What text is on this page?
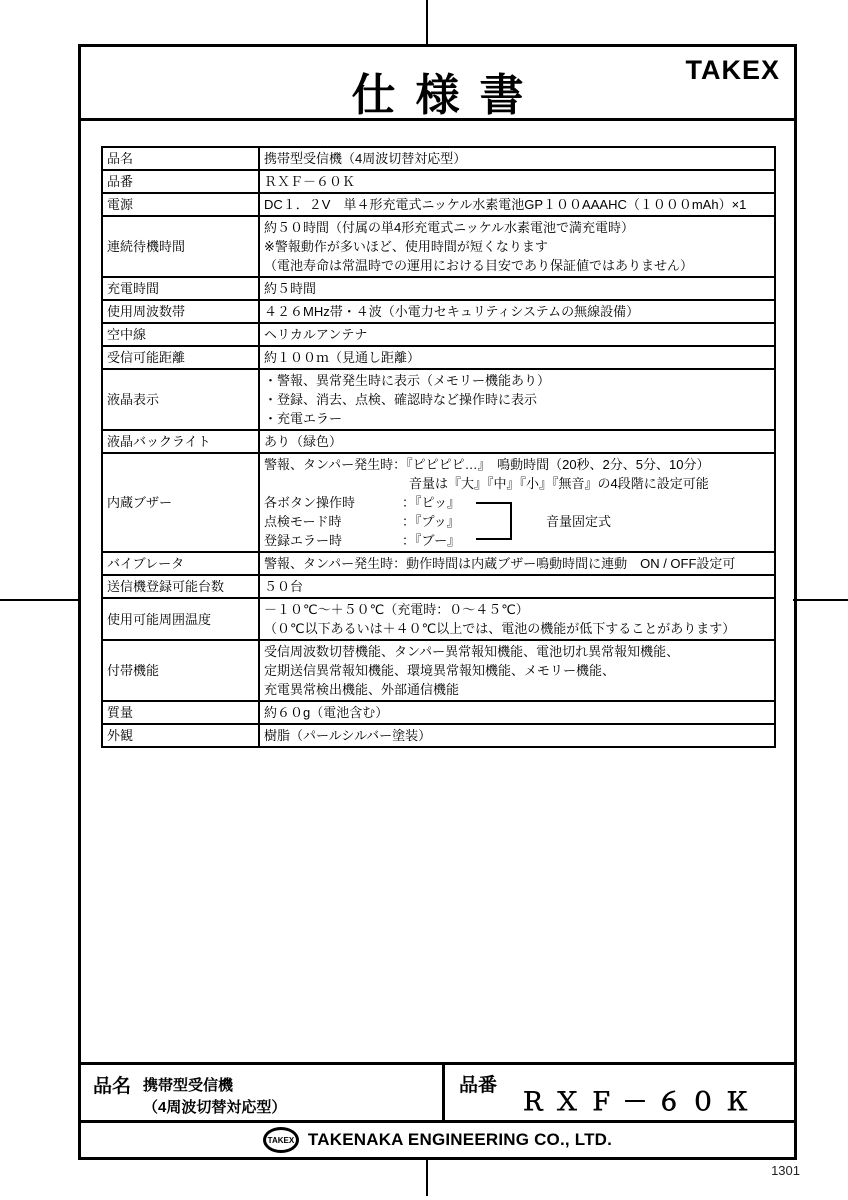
仕様書
TAKEX
品名	携帯型受信機（4周波切替対応型）

品番	ＲＸＦ－６０Ｋ

電源	DC１．２V　単４形充電式ニッケル水素電池GP１００AAAHC（１０００mAh）×1

連続待機時間	約５０時間（付属の単4形充電式ニッケル水素電池で満充電時）
※警報動作が多いほど、使用時間が短くなります
（電池寿命は常温時での運用における目安であり保証値ではありません）

充電時間	約５時間

使用周波数帯	４２６MHz帯・４波（小電力セキュリティシステムの無線設備）

空中線	ヘリカルアンテナ

受信可能距離	約１００ｍ（見通し距離）

液晶表示	・警報、異常発生時に表示（メモリー機能あり）
・登録、消去、点検、確認時など操作時に表示
・充電エラー

液晶バックライト	あり（緑色）

内蔵ブザー	
警報、タンパー発生時：『ピピピピ…』　鳴動時間（20秒、2分、5分、10分）
音量は『大』『中』『小』『無音』の4段階に設定可能
各ボタン操作時	：『ピッ』
点検モード時	：『プッ』
登録エラー時	：『ブー』
音量固定式

バイブレータ	警報、タンパー発生時：動作時間は内蔵ブザー鳴動時間に連動　ON / OFF設定可

送信機登録可能台数	５０台

使用可能周囲温度	－１０℃～＋５０℃（充電時：０～４５℃）
（０℃以下あるいは＋４０℃以上では、電池の機能が低下することがあります）

付帯機能	受信周波数切替機能、タンパー異常報知機能、電池切れ異常報知機能、
定期送信異常報知機能、環境異常報知機能、メモリー機能、
充電異常検出機能、外部通信機能

質量	約６０g（電池含む）

外観	樹脂（パールシルバー塗装）
品名 携帯型受信機
（4周波切替対応型）
品番
ＲＸＦ－６０Ｋ
TAKEX TAKENAKA ENGINEERING CO., LTD.
1301
